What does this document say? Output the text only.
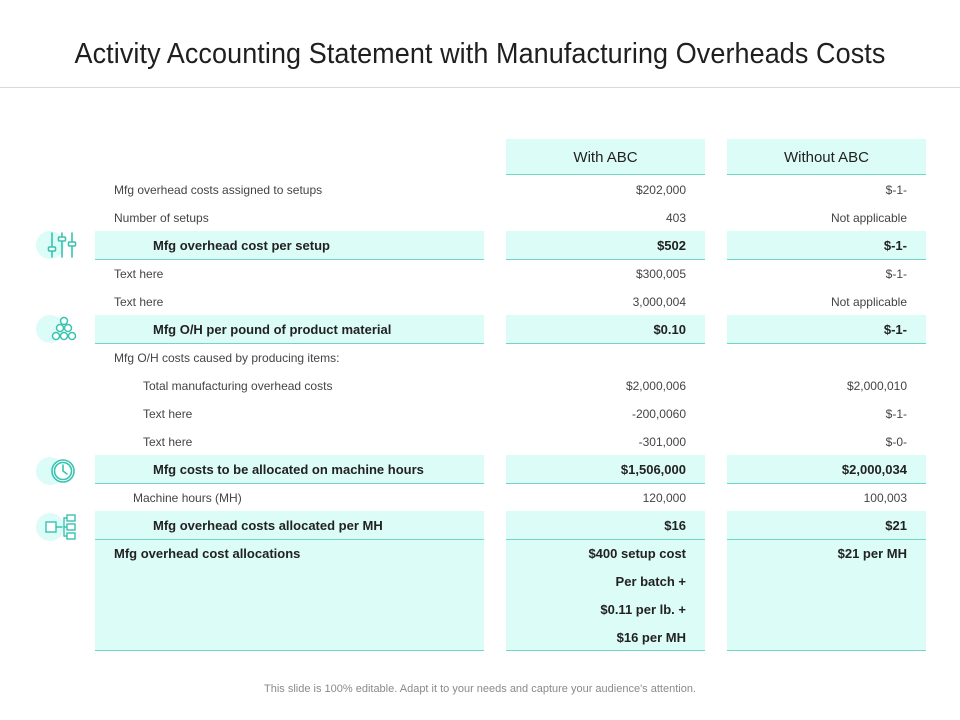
Activity Accounting Statement with Manufacturing Overheads Costs
With ABC	Without ABC
Mfg overhead costs assigned to setups
Number of setups
Mfg overhead cost per setup
Text here
Text here
Mfg O/H per pound of product material
Mfg O/H costs caused by producing items:
Total manufacturing overhead costs
Text here
Text here
Mfg costs to be allocated on machine hours
Machine hours (MH)
Mfg overhead costs allocated per MH
Mfg overhead cost allocations
$202,000
403
$502
$300,005
3,000,004
$0.10
$2,000,006
-200,0060
-301,000
$1,506,000
120,000
$16
$400 setup cost
Per batch +
$0.11 per lb. +
$16 per MH
$-1-
Not applicable
$-1-
$-1-
Not applicable
$-1-
$2,000,010
$-1-
$-0-
$2,000,034
100,003
$21
$21 per MH
This slide is 100% editable. Adapt it to your needs and capture your audience's attention.
